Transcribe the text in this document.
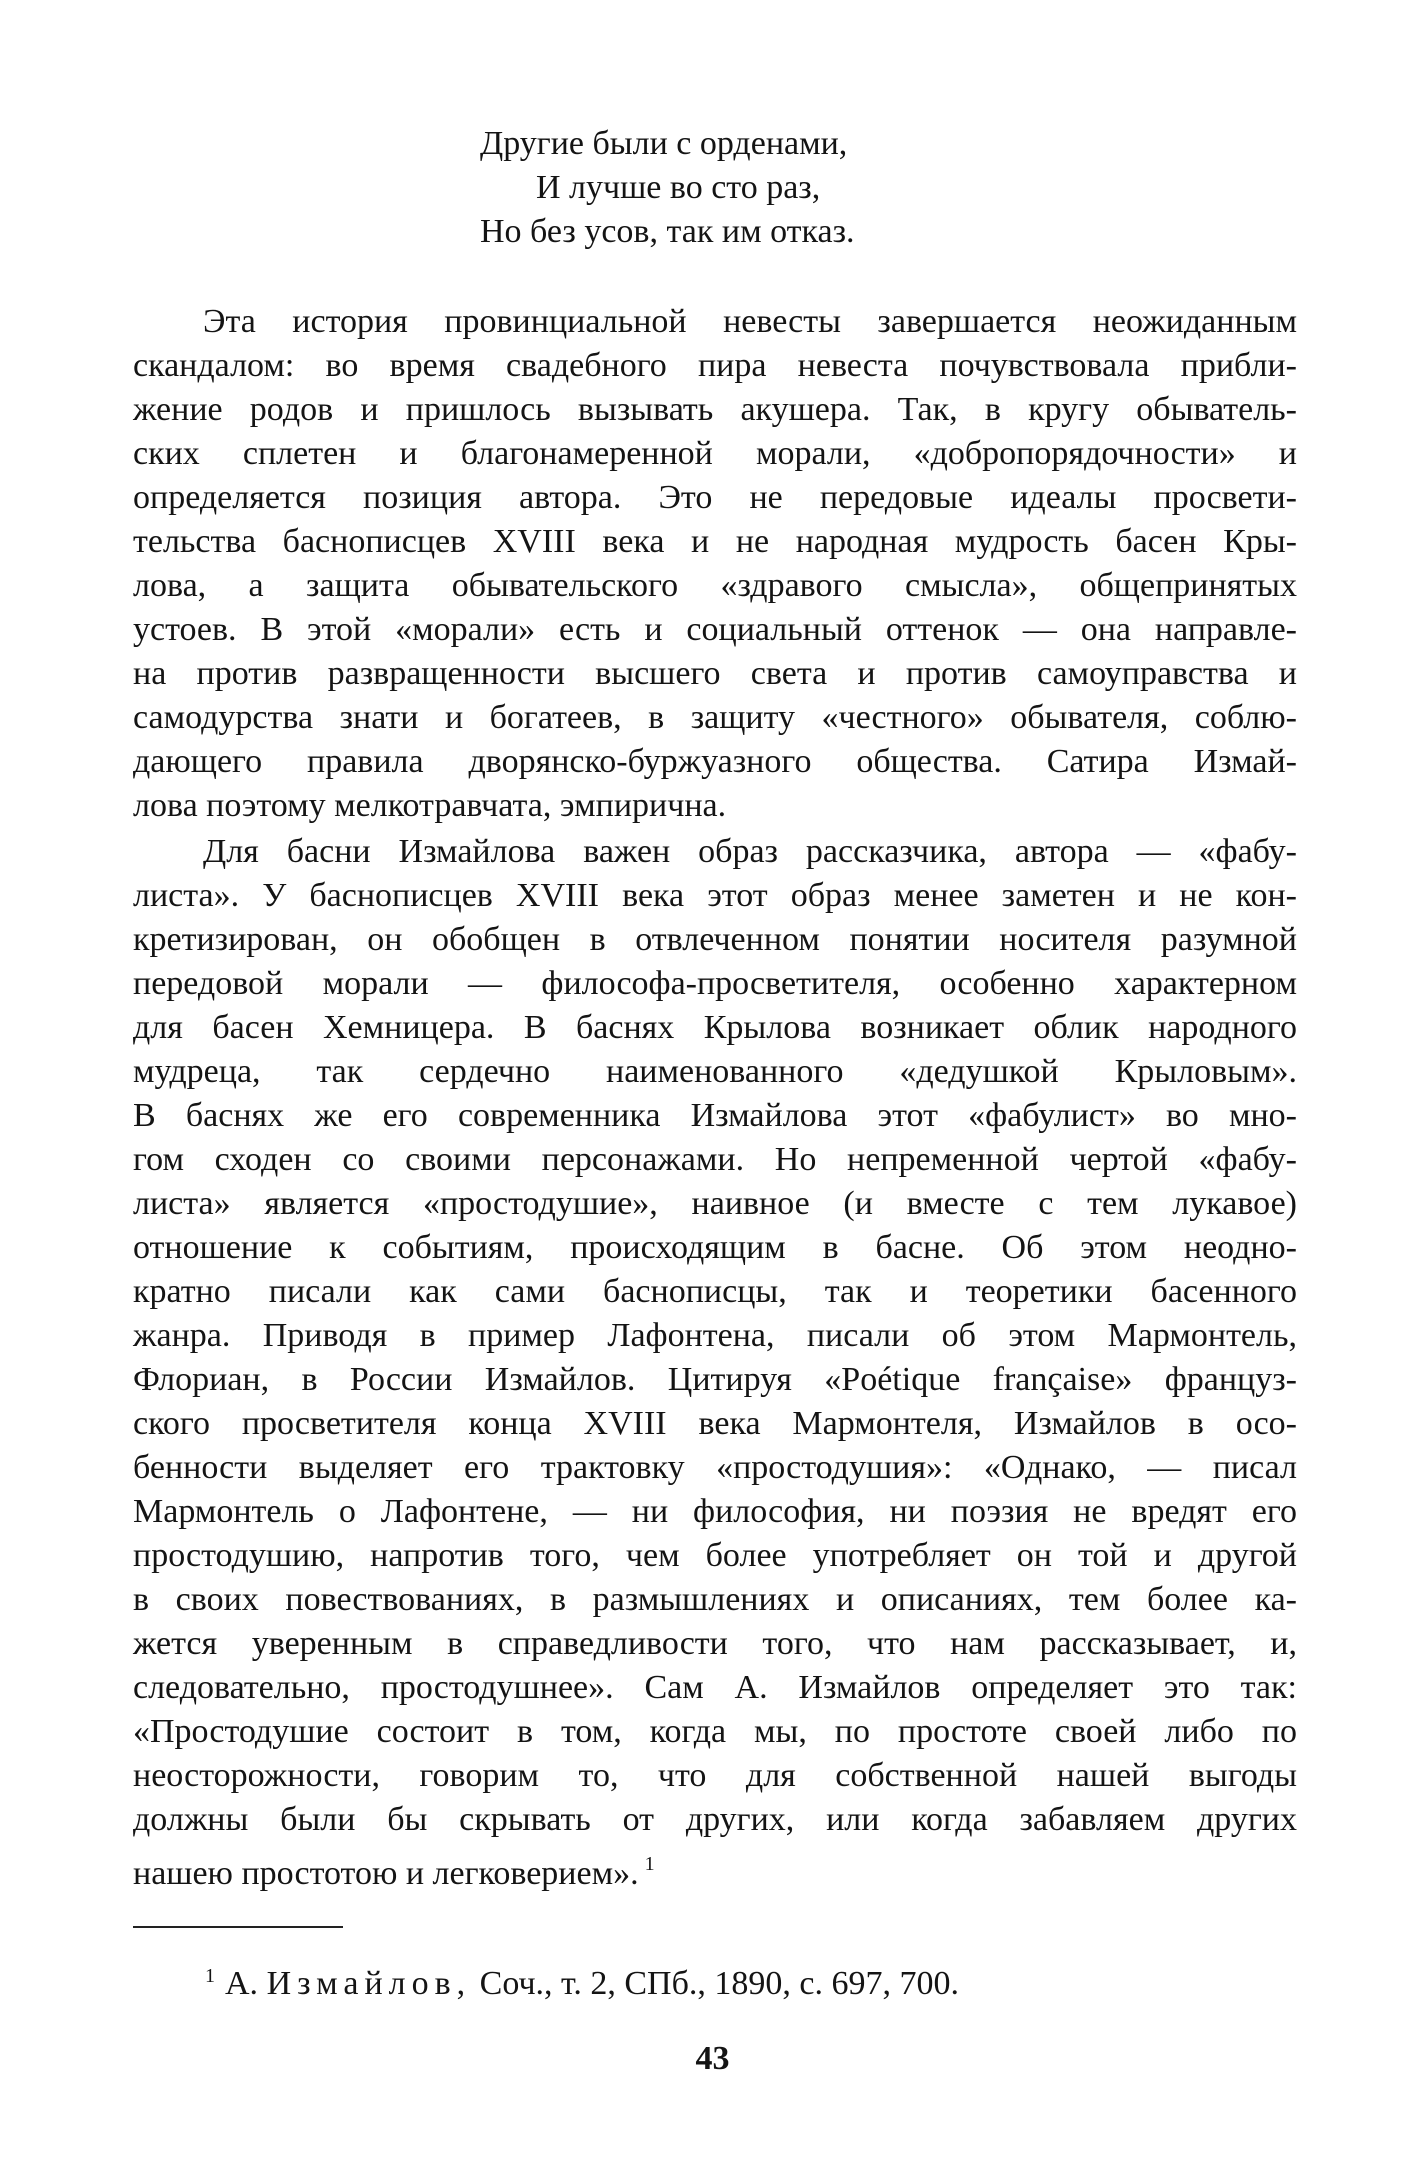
Другие были с орденами,
И лучше во сто раз,
Но без усов, так им отказ.
Эта история провинциальной невесты завершается неожиданным
скандалом: во время свадебного пира невеста почувствовала прибли-
жение родов и пришлось вызывать акушера. Так, в кругу обыватель-
ских сплетен и благонамеренной морали, «добропорядочности» и
определяется позиция автора. Это не передовые идеалы просвети-
тельства баснописцев XVIII века и не народная мудрость басен Кры-
лова, а защита обывательского «здравого смысла», общепринятых
устоев. В этой «морали» есть и социальный оттенок — она направле-
на против развращенности высшего света и против самоуправства и
самодурства знати и богатеев, в защиту «честного» обывателя, соблю-
дающего правила дворянско-буржуазного общества. Сатира Измай-
лова поэтому мелкотравчата, эмпирична.
Для басни Измайлова важен образ рассказчика, автора — «фабу-
листа». У баснописцев XVIII века этот образ менее заметен и не кон-
кретизирован, он обобщен в отвлеченном понятии носителя разумной
передовой морали — философа-просветителя, особенно характерном
для басен Хемницера. В баснях Крылова возникает облик народного
мудреца, так сердечно наименованного «дедушкой Крыловым».
В баснях же его современника Измайлова этот «фабулист» во мно-
гом сходен со своими персонажами. Но непременной чертой «фабу-
листа» является «простодушие», наивное (и вместе с тем лукавое)
отношение к событиям, происходящим в басне. Об этом неодно-
кратно писали как сами баснописцы, так и теоретики басенного
жанра. Приводя в пример Лафонтена, писали об этом Мармонтель,
Флориан, в России Измайлов. Цитируя «Poétique française» француз-
ского просветителя конца XVIII века Мармонтеля, Измайлов в осо-
бенности выделяет его трактовку «простодушия»: «Однако, — писал
Мармонтель о Лафонтене, — ни философия, ни поэзия не вредят его
простодушию, напротив того, чем более употребляет он той и другой
в своих повествованиях, в размышлениях и описаниях, тем более ка-
жется уверенным в справедливости того, что нам рассказывает, и,
следовательно, простодушнее». Сам А. Измайлов определяет это так:
«Простодушие состоит в том, когда мы, по простоте своей либо по
неосторожности, говорим то, что для собственной нашей выгоды
должны были бы скрывать от других, или когда забавляем других
нашею простотою и легковерием». $^1$
$^1$ А. Измайлов, Соч., т. 2, СПб., 1890, с. 697, 700.
43
